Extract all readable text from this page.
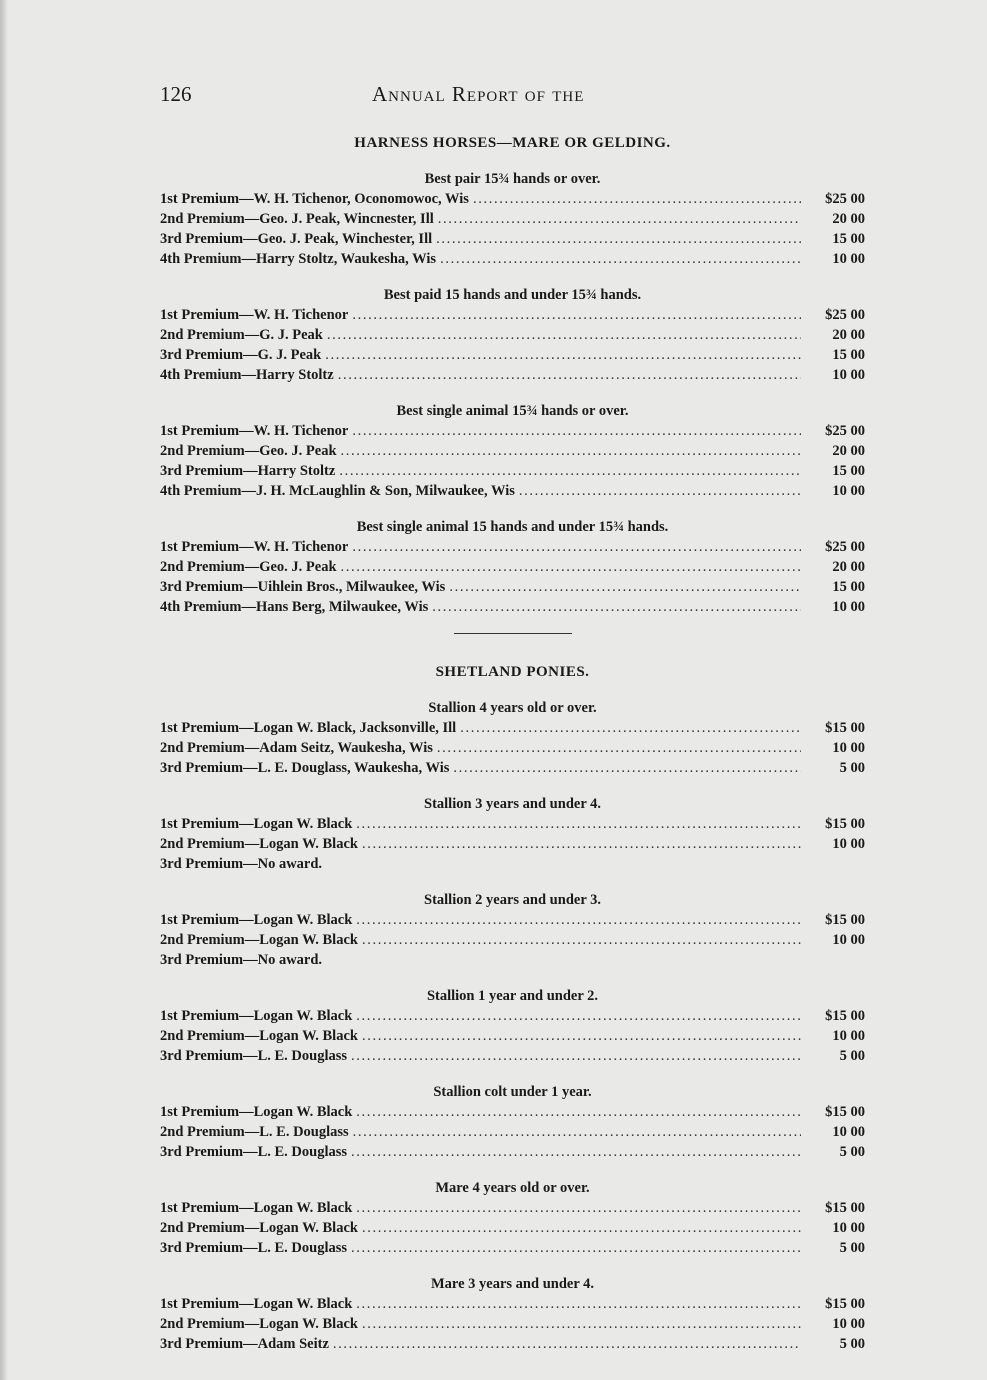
126	Annual Report of the
HARNESS HORSES—MARE OR GELDING.
Best pair 15¾ hands or over.
1st Premium—W. H. Tichenor, Oconomowoc, Wis . . .	$25 00
2nd Premium—Geo. J. Peak, Wincnester, Ill . . .	20 00
3rd Premium—Geo. J. Peak, Winchester, Ill . . .	15 00
4th Premium—Harry Stoltz, Waukesha, Wis . . .	10 00
Best paid 15 hands and under 15¾ hands.
1st Premium—W. H. Tichenor . . .	$25 00
2nd Premium—G. J. Peak . . .	20 00
3rd Premium—G. J. Peak . . .	15 00
4th Premium—Harry Stoltz . . .	10 00
Best single animal 15¾ hands or over.
1st Premium—W. H. Tichenor . . .	$25 00
2nd Premium—Geo. J. Peak . . .	20 00
3rd Premium—Harry Stoltz . . .	15 00
4th Premium—J. H. McLaughlin & Son, Milwaukee, Wis . . .	10 00
Best single animal 15 hands and under 15¾ hands.
1st Premium—W. H. Tichenor . . .	$25 00
2nd Premium—Geo. J. Peak . . .	20 00
3rd Premium—Uihlein Bros., Milwaukee, Wis . . .	15 00
4th Premium—Hans Berg, Milwaukee, Wis . . .	10 00
SHETLAND PONIES.
Stallion 4 years old or over.
1st Premium—Logan W. Black, Jacksonville, Ill . . .	$15 00
2nd Premium—Adam Seitz, Waukesha, Wis . . .	10 00
3rd Premium—L. E. Douglass, Waukesha, Wis . . .	5 00
Stallion 3 years and under 4.
1st Premium—Logan W. Black . . .	$15 00
2nd Premium—Logan W. Black . . .	10 00
3rd Premium—No award.
Stallion 2 years and under 3.
1st Premium—Logan W. Black . . .	$15 00
2nd Premium—Logan W. Black . . .	10 00
3rd Premium—No award.
Stallion 1 year and under 2.
1st Premium—Logan W. Black . . .	$15 00
2nd Premium—Logan W. Black . . .	10 00
3rd Premium—L. E. Douglass . . .	5 00
Stallion colt under 1 year.
1st Premium—Logan W. Black . . .	$15 00
2nd Premium—L. E. Douglass . . .	10 00
3rd Premium—L. E. Douglass . . .	5 00
Mare 4 years old or over.
1st Premium—Logan W. Black . . .	$15 00
2nd Premium—Logan W. Black . . .	10 00
3rd Premium—L. E. Douglass . . .	5 00
Mare 3 years and under 4.
1st Premium—Logan W. Black . . .	$15 00
2nd Premium—Logan W. Black . . .	10 00
3rd Premium—Adam Seitz . . .	5 00
